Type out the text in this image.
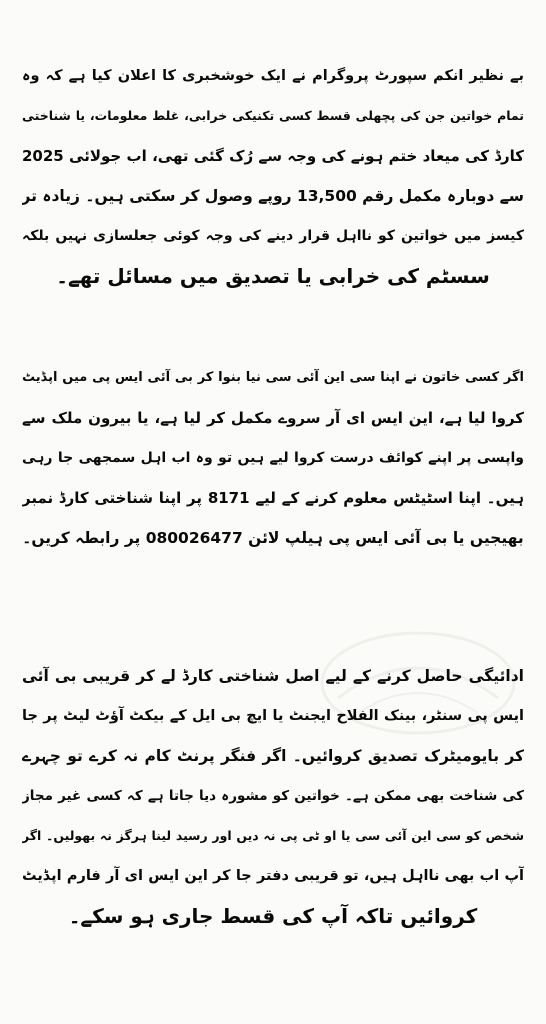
بے نظیر انکم سپورٹ پروگرام نے ایک خوشخبری کا اعلان کیا ہے کہ وہ
تمام خواتین جن کی پچھلی قسط کسی تکنیکی خرابی، غلط معلومات، یا شناختی
کارڈ کی میعاد ختم ہونے کی وجہ سے رُک گئی تھی، اب جولائی 2025
سے دوبارہ مکمل رقم 13,500 روپے وصول کر سکتی ہیں۔ زیادہ تر
کیسز میں خواتین کو نااہل قرار دینے کی وجہ کوئی جعلسازی نہیں بلکہ
سسٹم کی خرابی یا تصدیق میں مسائل تھے۔
اگر کسی خاتون نے اپنا سی این آئی سی نیا بنوا کر بی آئی ایس پی میں اپڈیٹ
کروا لیا ہے، این ایس ای آر سروے مکمل کر لیا ہے، یا بیرون ملک سے
واپسی پر اپنے کوائف درست کروا لیے ہیں تو وہ اب اہل سمجھی جا رہی
ہیں۔ اپنا اسٹیٹس معلوم کرنے کے لیے 8171 پر اپنا شناختی کارڈ نمبر
بھیجیں یا بی آئی ایس پی ہیلپ لائن 080026477 پر رابطہ کریں۔
ادائیگی حاصل کرنے کے لیے اصل شناختی کارڈ لے کر قریبی بی آئی
ایس پی سنٹر، بینک الفلاح ایجنٹ یا ایچ بی ایل کے بیکٹ آؤٹ لیٹ پر جا
کر بایومیٹرک تصدیق کروائیں۔ اگر فنگر پرنٹ کام نہ کرے تو چہرے
کی شناخت بھی ممکن ہے۔ خواتین کو مشورہ دیا جاتا ہے کہ کسی غیر مجاز
شخص کو سی این آئی سی یا او ٹی پی نہ دیں اور رسید لینا ہرگز نہ بھولیں۔ اگر
آپ اب بھی نااہل ہیں، تو قریبی دفتر جا کر این ایس ای آر فارم اپڈیٹ
کروائیں تاکہ آپ کی قسط جاری ہو سکے۔
